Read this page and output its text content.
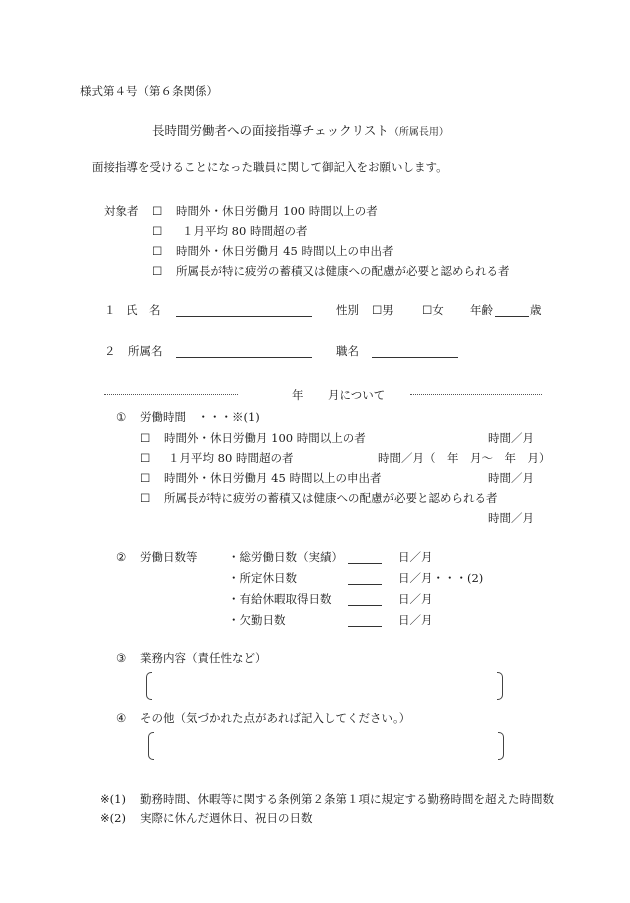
様式第４号（第６条関係）
長時間労働者への面接指導チェックリスト（所属長用）
面接指導を受けることになった職員に関して御記入をお願いします。
対象者 ☐ 時間外・休日労働月 100 時間以上の者
☐ １月平均 80 時間超の者
☐ 時間外・休日労働月 45 時間以上の申出者
☐ 所属長が特に疲労の蓄積又は健康への配慮が必要と認められる者
１ 氏　名	性別 ☐男 ☐女 年齢	歳
２ 所属名	職名
年 月について
① 労働時間　・・・※(1)
☐ 時間外・休日労働月 100 時間以上の者	時間／月
☐ １月平均 80 時間超の者	時間／月（　年　月～　年　月）
☐ 時間外・休日労働月 45 時間以上の申出者	時間／月
☐ 所属長が特に疲労の蓄積又は健康への配慮が必要と認められる者
時間／月
② 労働日数等	・総労働日数（実績）	日／月
・所定休日数	日／月・・・(2)
・有給休暇取得日数	日／月
・欠勤日数	日／月
③ 業務内容（責任性など）
④ その他（気づかれた点があれば記入してください。）
※(1) 勤務時間、休暇等に関する条例第２条第１項に規定する勤務時間を超えた時間数
※(2) 実際に休んだ週休日、祝日の日数
